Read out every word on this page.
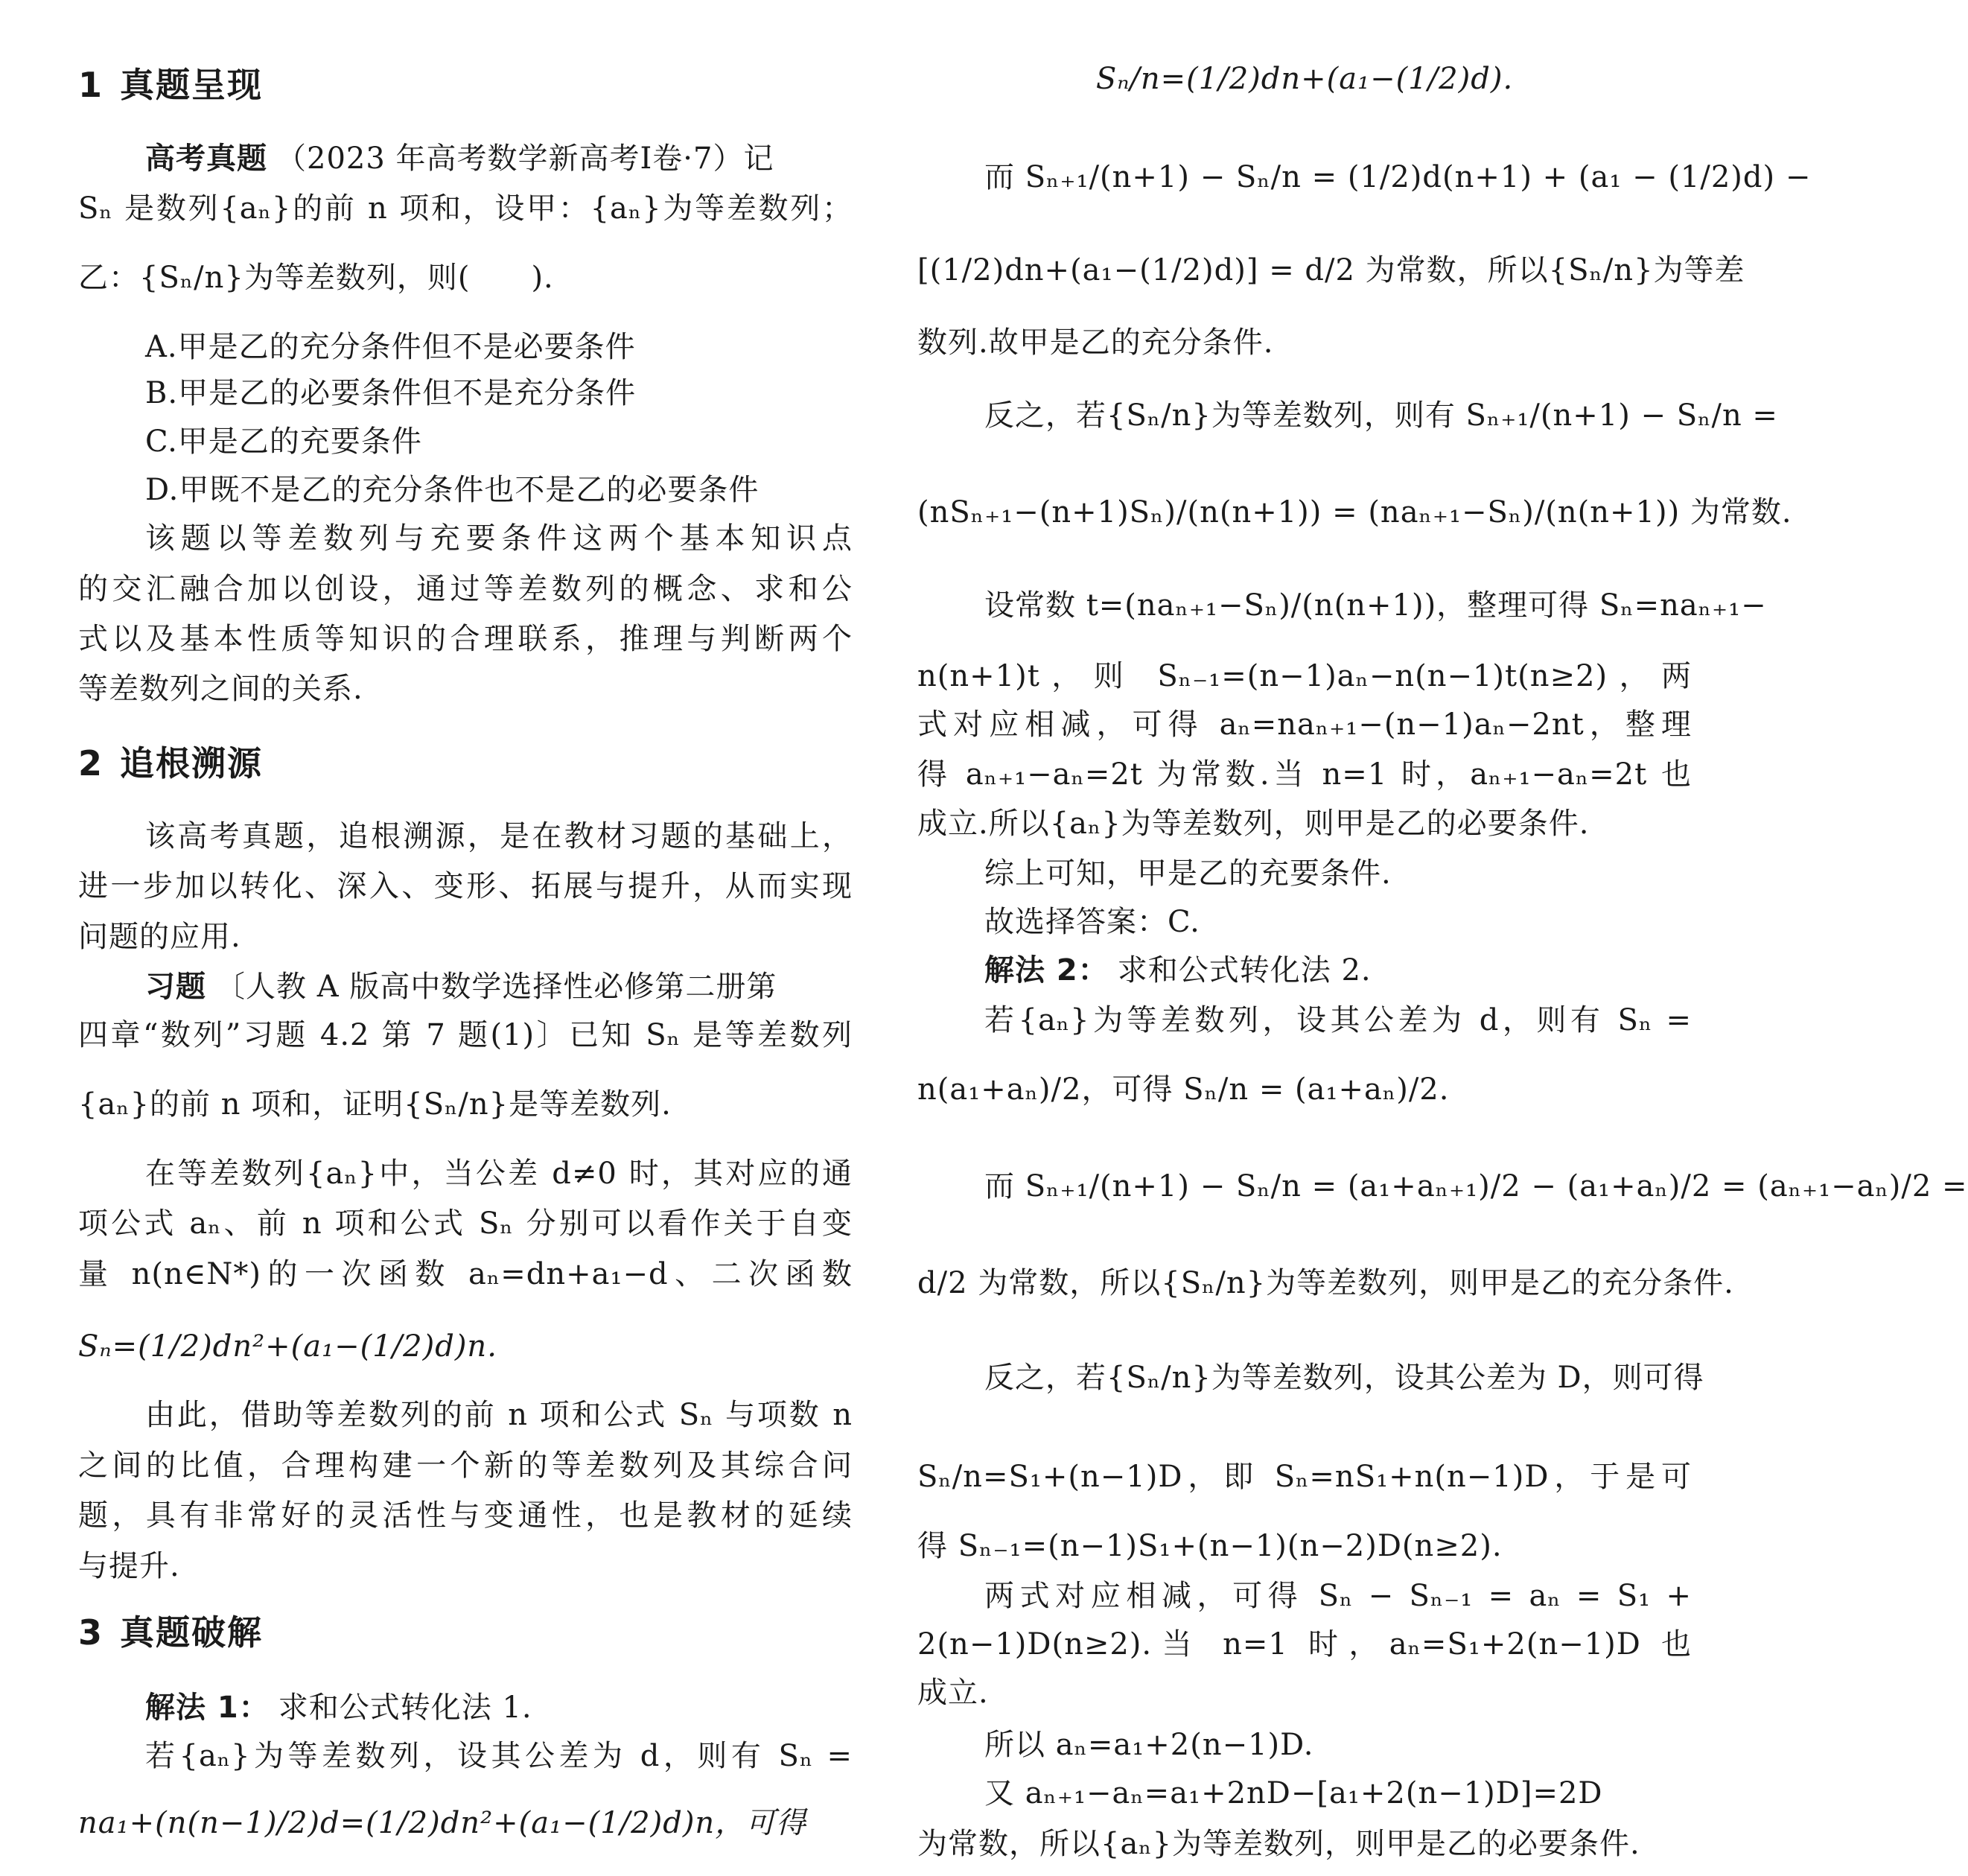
1 真题呈现
高考真题 （2023 年高考数学新高考Ⅰ卷·7）记
Sₙ 是数列{aₙ}的前 n 项和，设甲：{aₙ}为等差数列；
乙：{Sₙ/n}为等差数列，则(　　).
A.甲是乙的充分条件但不是必要条件
B.甲是乙的必要条件但不是充分条件
C.甲是乙的充要条件
D.甲既不是乙的充分条件也不是乙的必要条件
该题以等差数列与充要条件这两个基本知识点
的交汇融合加以创设，通过等差数列的概念、求和公
式以及基本性质等知识的合理联系，推理与判断两个
等差数列之间的关系.
2 追根溯源
该高考真题，追根溯源，是在教材习题的基础上，
进一步加以转化、深入、变形、拓展与提升，从而实现
问题的应用.
习题 〔人教 A 版高中数学选择性必修第二册第
四章“数列”习题 4.2 第 7 题(1)〕已知 Sₙ 是等差数列
{aₙ}的前 n 项和，证明{Sₙ/n}是等差数列.
在等差数列{aₙ}中，当公差 d≠0 时，其对应的通
项公式 aₙ、前 n 项和公式 Sₙ 分别可以看作关于自变
量 n(n∈N*)的一次函数 aₙ=dn+a₁−d、二次函数
Sₙ=(1/2)dn²+(a₁−(1/2)d)n.
由此，借助等差数列的前 n 项和公式 Sₙ 与项数 n
之间的比值，合理构建一个新的等差数列及其综合问
题，具有非常好的灵活性与变通性，也是教材的延续
与提升.
3 真题破解
解法 1： 求和公式转化法 1.
若{aₙ}为等差数列，设其公差为 d，则有 Sₙ =
na₁+(n(n−1)/2)d=(1/2)dn²+(a₁−(1/2)d)n，可得
Sₙ/n=(1/2)dn+(a₁−(1/2)d).
而 Sₙ₊₁/(n+1) − Sₙ/n = (1/2)d(n+1) + (a₁ − (1/2)d) −
[(1/2)dn+(a₁−(1/2)d)] = d/2 为常数，所以{Sₙ/n}为等差
数列.故甲是乙的充分条件.
反之，若{Sₙ/n}为等差数列，则有 Sₙ₊₁/(n+1) − Sₙ/n =
(nSₙ₊₁−(n+1)Sₙ)/(n(n+1)) = (naₙ₊₁−Sₙ)/(n(n+1)) 为常数.
设常数 t=(naₙ₊₁−Sₙ)/(n(n+1))，整理可得 Sₙ=naₙ₊₁−
n(n+1)t，则 Sₙ₋₁=(n−1)aₙ−n(n−1)t(n≥2)，两
式对应相减，可得 aₙ=naₙ₊₁−(n−1)aₙ−2nt，整理
得 aₙ₊₁−aₙ=2t 为常数.当 n=1 时，aₙ₊₁−aₙ=2t 也
成立.所以{aₙ}为等差数列，则甲是乙的必要条件.
综上可知，甲是乙的充要条件.
故选择答案：C.
解法 2： 求和公式转化法 2.
若{aₙ}为等差数列，设其公差为 d，则有 Sₙ =
n(a₁+aₙ)/2，可得 Sₙ/n = (a₁+aₙ)/2.
而 Sₙ₊₁/(n+1) − Sₙ/n = (a₁+aₙ₊₁)/2 − (a₁+aₙ)/2 = (aₙ₊₁−aₙ)/2 =
d/2 为常数，所以{Sₙ/n}为等差数列，则甲是乙的充分条件.
反之，若{Sₙ/n}为等差数列，设其公差为 D，则可得
Sₙ/n=S₁+(n−1)D，即 Sₙ=nS₁+n(n−1)D，于是可
得 Sₙ₋₁=(n−1)S₁+(n−1)(n−2)D(n≥2).
两式对应相减，可得 Sₙ − Sₙ₋₁ = aₙ = S₁ +
2(n−1)D(n≥2).当 n=1 时，aₙ=S₁+2(n−1)D 也
成立.
所以 aₙ=a₁+2(n−1)D.
又 aₙ₊₁−aₙ=a₁+2nD−[a₁+2(n−1)D]=2D
为常数，所以{aₙ}为等差数列，则甲是乙的必要条件.
